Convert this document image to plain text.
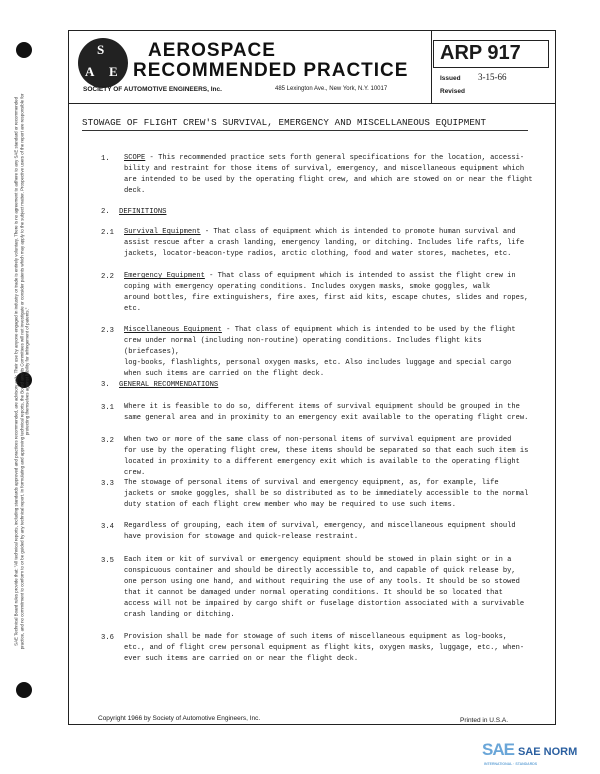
SAE Technical Board rules provide that: "All technical reports, including standards approved and practices recommended, are advisory only. Their use by anyone engaged in industry or trade is entirely voluntary. There is no agreement to adhere to any SAE standard or recommended practice, and no commitment to conform to or be guided by any technical report. In formulating and approving technical reports, the Board and its Committees will not investigate or consider patents which may apply to the subject matter. Prospective users of the report are responsible for protecting themselves against liability for infringement of patents."
S
A E
AEROSPACE
RECOMMENDED PRACTICE
SOCIETY OF AUTOMOTIVE ENGINEERS, Inc.	485 Lexington Ave., New York, N.Y. 10017
ARP 917
Issued 3-15-66
Revised
STOWAGE OF FLIGHT CREW'S SURVIVAL, EMERGENCY AND MISCELLANEOUS EQUIPMENT
1. SCOPE - This recommended practice sets forth general specifications for the location, accessi-
bility and restraint for those items of survival, emergency, and miscellaneous equipment which
are intended to be used by the operating flight crew, and which are stowed on or near the flight
deck.
2. DEFINITIONS
2.1 Survival Equipment - That class of equipment which is intended to promote human survival and
assist rescue after a crash landing, emergency landing, or ditching. Includes life rafts, life
jackets, locator-beacon-type radios, arctic clothing, food and water stores, machetes, etc.
2.2 Emergency Equipment - That class of equipment which is intended to assist the flight crew in
coping with emergency operating conditions. Includes oxygen masks, smoke goggles, walk
around bottles, fire extinguishers, fire axes, first aid kits, escape chutes, slides and ropes,
etc.
2.3 Miscellaneous Equipment - That class of equipment which is intended to be used by the flight
crew under normal (including non-routine) operating conditions. Includes flight kits (briefcases),
log-books, flashlights, personal oxygen masks, etc. Also includes luggage and special cargo
when such items are carried on the flight deck.
3. GENERAL RECOMMENDATIONS
3.1 Where it is feasible to do so, different items of survival equipment should be grouped in the
same general area and in proximity to an emergency exit available to the operating flight crew.
3.2 When two or more of the same class of non-personal items of survival equipment are provided
for use by the operating flight crew, these items should be separated so that each such item is
located in proximity to a different emergency exit which is available to the operating flight crew.
3.3 The stowage of personal items of survival and emergency equipment, as, for example, life
jackets or smoke goggles, shall be so distributed as to be immediately accessible to the normal
duty station of each flight crew member who may be required to use such items.
3.4 Regardless of grouping, each item of survival, emergency, and miscellaneous equipment should
have provision for stowage and quick-release restraint.
3.5 Each item or kit of survival or emergency equipment should be stowed in plain sight or in a
conspicuous container and should be directly accessible to, and capable of quick release by,
one person using one hand, and without requiring the use of any tools. It should be so stowed
that it cannot be damaged under normal operating conditions. It should be so located that
access will not be impaired by cargo shift or fuselage distortion associated with a survivable
crash landing or ditching.
3.6 Provision shall be made for stowage of such items of miscellaneous equipment as log-books,
etc., and of flight crew personal equipment as flight kits, oxygen masks, luggage, etc., when-
ever such items are carried on or near the flight deck.
Copyright 1966 by Society of Automotive Engineers, Inc.	Printed in U.S.A.
SAE SAE NORM
INTERNATIONAL · STANDARDS
